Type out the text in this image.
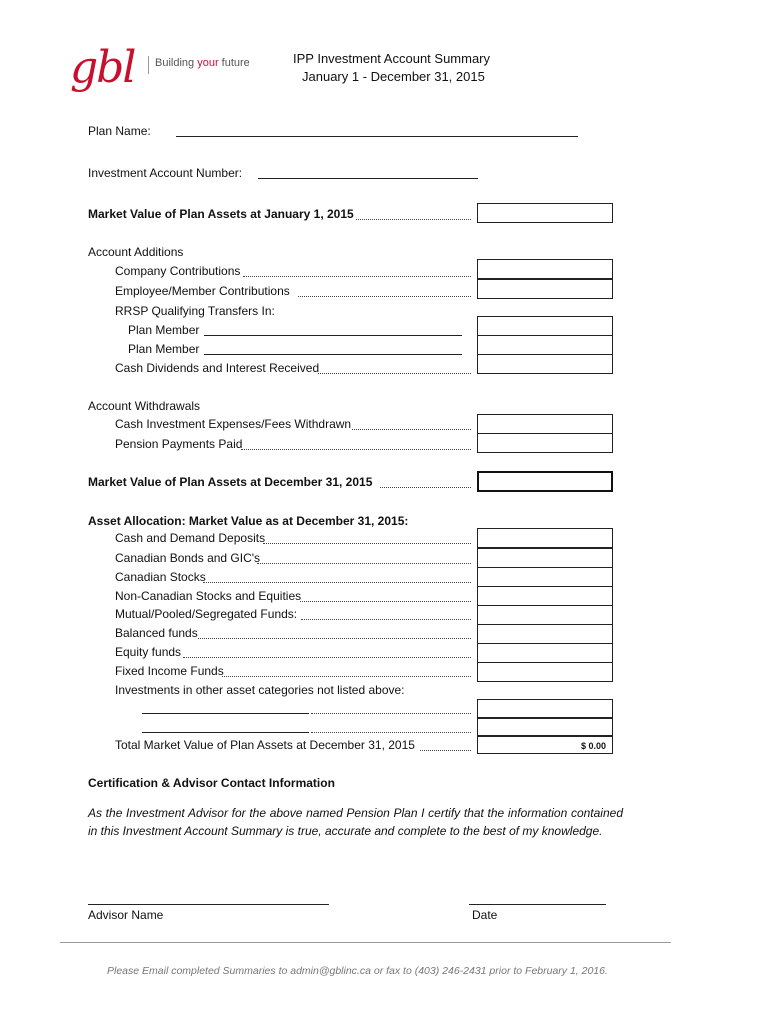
gbl Building your future	IPP Investment Account Summary
January 1 - December 31, 2015
Plan Name:
Investment Account Number:
Market Value of Plan Assets at January 1, 2015
Account Additions
Company Contributions
Employee/Member Contributions
RRSP Qualifying Transfers In:
Plan Member
Plan Member
Cash Dividends and Interest Received
Account Withdrawals
Cash Investment Expenses/Fees Withdrawn
Pension Payments Paid
Market Value of Plan Assets at December 31, 2015
Asset Allocation: Market Value as at December 31, 2015:
Cash and Demand Deposits
Canadian Bonds and GIC's
Canadian Stocks
Non-Canadian Stocks and Equities
Mutual/Pooled/Segregated Funds:
Balanced funds
Equity funds
Fixed Income Funds
Investments in other asset categories not listed above:
Total Market Value of Plan Assets at December 31, 2015	$ 0.00
Certification & Advisor Contact Information
As the Investment Advisor for the above named Pension Plan I certify that the information contained in this Investment Account Summary is true, accurate and complete to the best of my knowledge.
Advisor Name	Date
Please Email completed Summaries to admin@gblinc.ca or fax to (403) 246-2431 prior to February 1, 2016.
